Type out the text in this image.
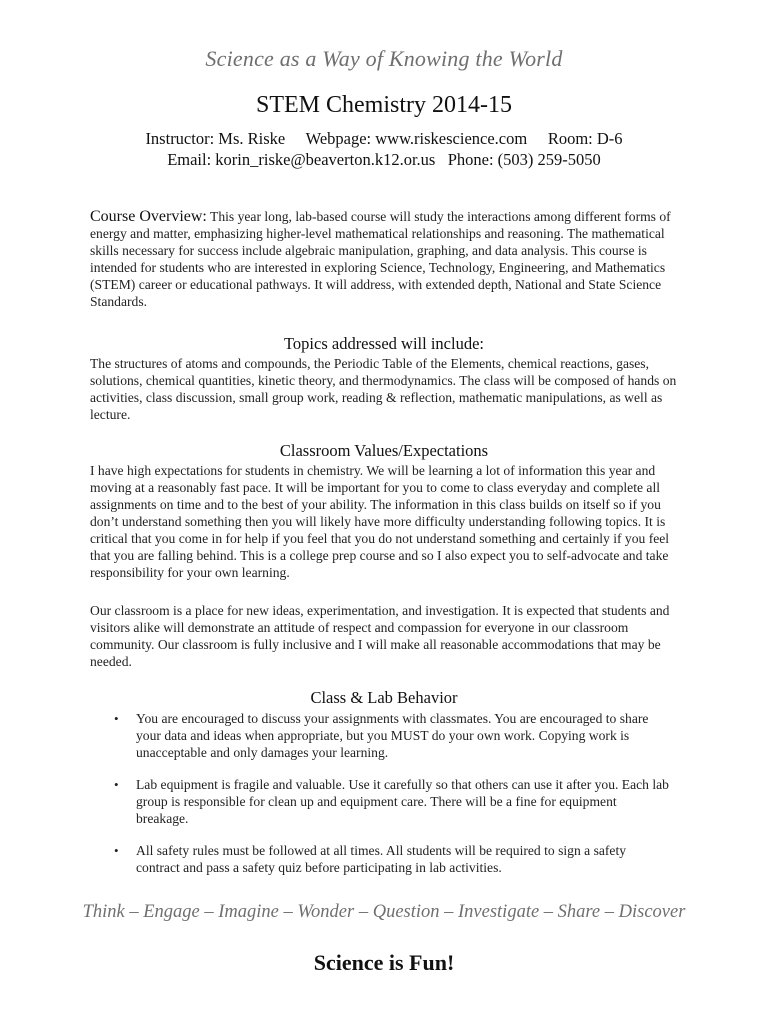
Science as a Way of Knowing the World
STEM Chemistry 2014-15
Instructor: Ms. Riske Webpage: www.riskescience.com Room: D-6
Email: korin_riske@beaverton.k12.or.us Phone: (503) 259-5050
Course Overview: This year long, lab-based course will study the interactions among different forms of energy and matter, emphasizing higher-level mathematical relationships and reasoning. The mathematical skills necessary for success include algebraic manipulation, graphing, and data analysis. This course is intended for students who are interested in exploring Science, Technology, Engineering, and Mathematics (STEM) career or educational pathways. It will address, with extended depth, National and State Science Standards.
Topics addressed will include:
The structures of atoms and compounds, the Periodic Table of the Elements, chemical reactions, gases, solutions, chemical quantities, kinetic theory, and thermodynamics. The class will be composed of hands on activities, class discussion, small group work, reading & reflection, mathematic manipulations, as well as lecture.
Classroom Values/Expectations
I have high expectations for students in chemistry. We will be learning a lot of information this year and moving at a reasonably fast pace. It will be important for you to come to class everyday and complete all assignments on time and to the best of your ability. The information in this class builds on itself so if you don’t understand something then you will likely have more difficulty understanding following topics. It is critical that you come in for help if you feel that you do not understand something and certainly if you feel that you are falling behind. This is a college prep course and so I also expect you to self-advocate and take responsibility for your own learning.
Our classroom is a place for new ideas, experimentation, and investigation. It is expected that students and visitors alike will demonstrate an attitude of respect and compassion for everyone in our classroom community. Our classroom is fully inclusive and I will make all reasonable accommodations that may be needed.
Class & Lab Behavior
• You are encouraged to discuss your assignments with classmates. You are encouraged to share your data and ideas when appropriate, but you MUST do your own work. Copying work is unacceptable and only damages your learning.
• Lab equipment is fragile and valuable. Use it carefully so that others can use it after you. Each lab group is responsible for clean up and equipment care. There will be a fine for equipment breakage.
• All safety rules must be followed at all times. All students will be required to sign a safety contract and pass a safety quiz before participating in lab activities.
Think – Engage – Imagine – Wonder – Question – Investigate – Share – Discover
Science is Fun!
